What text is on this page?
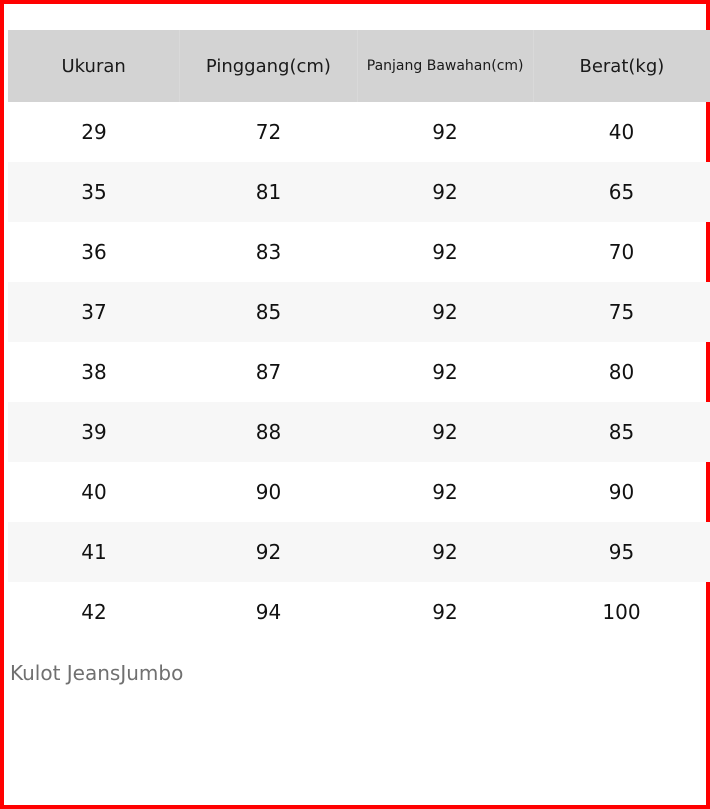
Ukuran	Pinggang(cm)	Panjang Bawahan(cm)	Berat(kg)
29	72	92	40
35	81	92	65
36	83	92	70
37	85	92	75
38	87	92	80
39	88	92	85
40	90	92	90
41	92	92	95
42	94	92	100
Kulot JeansJumbo
